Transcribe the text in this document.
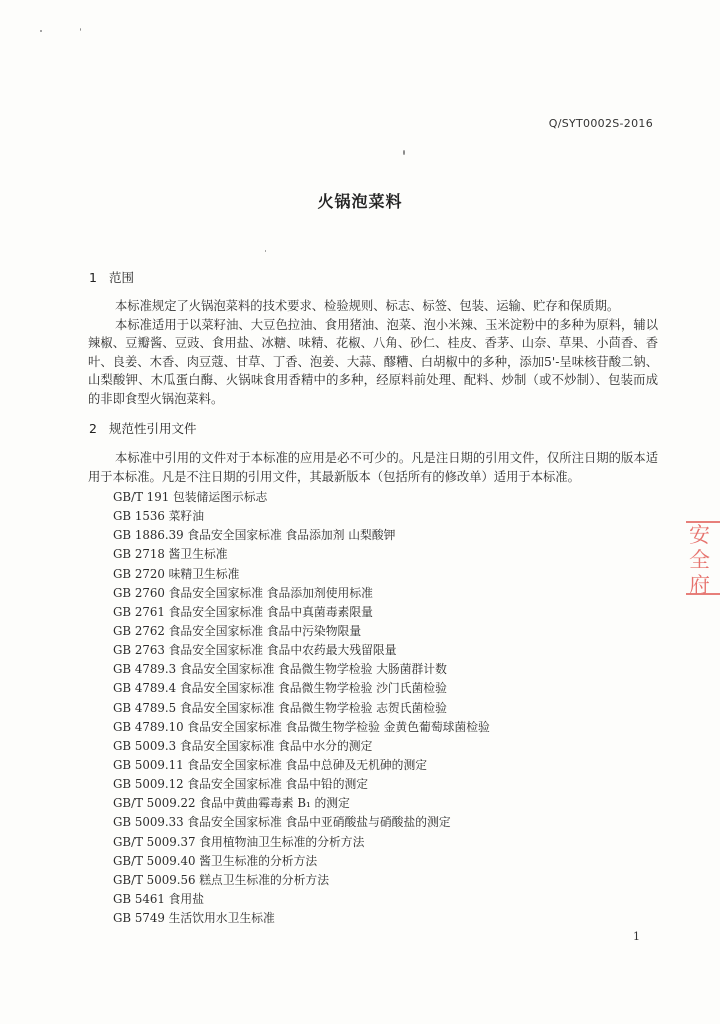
Q/SYT0002S-2016
火锅泡菜料
1 范围
本标准规定了火锅泡菜料的技术要求、检验规则、标志、标签、包装、运输、贮存和保质期。
本标准适用于以菜籽油、大豆色拉油、食用猪油、泡菜、泡小米辣、玉米淀粉中的多种为原料，辅以辣椒、豆瓣酱、豆豉、食用盐、冰糖、味精、花椒、八角、砂仁、桂皮、香茅、山奈、草果、小茴香、香叶、良姜、木香、肉豆蔻、甘草、丁香、泡姜、大蒜、醪糟、白胡椒中的多种，添加5'-呈味核苷酸二钠、山梨酸钾、木瓜蛋白酶、火锅味食用香精中的多种，经原料前处理、配料、炒制（或不炒制）、包装而成的非即食型火锅泡菜料。
2 规范性引用文件
本标准中引用的文件对于本标准的应用是必不可少的。凡是注日期的引用文件，仅所注日期的版本适用于本标准。凡是不注日期的引用文件，其最新版本（包括所有的修改单）适用于本标准。
GB/T 191 包装储运图示标志
GB 1536 菜籽油
GB 1886.39 食品安全国家标准 食品添加剂 山梨酸钾
GB 2718 酱卫生标准
GB 2720 味精卫生标准
GB 2760 食品安全国家标准 食品添加剂使用标准
GB 2761 食品安全国家标准 食品中真菌毒素限量
GB 2762 食品安全国家标准 食品中污染物限量
GB 2763 食品安全国家标准 食品中农药最大残留限量
GB 4789.3 食品安全国家标准 食品微生物学检验 大肠菌群计数
GB 4789.4 食品安全国家标准 食品微生物学检验 沙门氏菌检验
GB 4789.5 食品安全国家标准 食品微生物学检验 志贺氏菌检验
GB 4789.10 食品安全国家标准 食品微生物学检验 金黄色葡萄球菌检验
GB 5009.3 食品安全国家标准 食品中水分的测定
GB 5009.11 食品安全国家标准 食品中总砷及无机砷的测定
GB 5009.12 食品安全国家标准 食品中铅的测定
GB/T 5009.22 食品中黄曲霉毒素 B₁ 的测定
GB 5009.33 食品安全国家标准 食品中亚硝酸盐与硝酸盐的测定
GB/T 5009.37 食用植物油卫生标准的分析方法
GB/T 5009.40 酱卫生标准的分析方法
GB/T 5009.56 糕点卫生标准的分析方法
GB 5461 食用盐
GB 5749 生活饮用水卫生标准
1
安全
府
